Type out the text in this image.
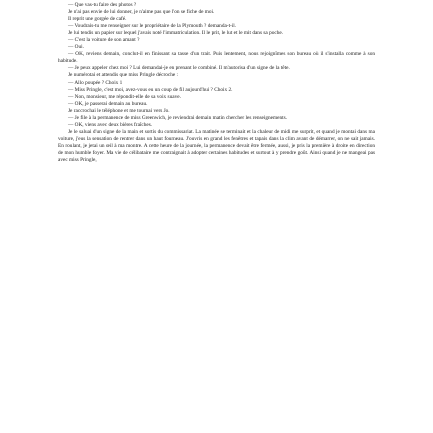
— Que vas-tu faire des photos ?

Je n'ai pas envie de lui donner, je n'aime pas que l'on se fiche de moi.

Il reprit une gorgée de café.

— Voudrais-tu me renseigner sur le propriétaire de la Plymouth ? demanda-t-il.

Je lui tendis un papier sur lequel j'avais noté l'immatriculation. Il le prit, le lut et le mit dans sa poche.

— C'est la voiture de son amant ?

— Oui.

— OK, reviens demain, conclut-il en finissant sa tasse d'un trait. Puis lentement, nous rejoignîmes son bureau où il s'installa comme à son habitude.

— Je peux appeler chez moi ? Lui demandai-je en prenant le combiné. Il m'autorisa d'un signe de la tête.

Je numérotai et attendis que miss Pringle décroche :

— Allo poupée ? Choix 1

— Miss Pringle, c'est moi, avez-vous eu un coup de fil aujourd'hui ? Choix 2.

— Non, monsieur, me répondit-elle de sa voix suave.

— OK, je passerai demain au bureau.

Je raccrochai le téléphone et me tournai vers Jo.

— Je file à la permanence de miss Greenwich, je reviendrai demain matin chercher les renseignements.

— OK, viens avec deux bières fraîches.

Je le saluai d'un signe de la main et sortis du commissariat. La matinée se terminait et la chaleur de midi me surprit, et quand je montai dans ma voiture, j'eus la sensation de rentrer dans un haut fourneau. J'ouvris en grand les fenêtres et tapais dans la clim avant de démarrer, on ne sait jamais. En roulant, je jetai un œil à ma montre. A cette heure de la journée, la permanence devait être fermée, aussi, je pris la première à droite en direction de mon humble foyer. Ma vie de célibataire me contraignait à adopter certaines habitudes et surtout à y prendre goût. Ainsi quand je ne mangeai pas avec miss Pringle,
